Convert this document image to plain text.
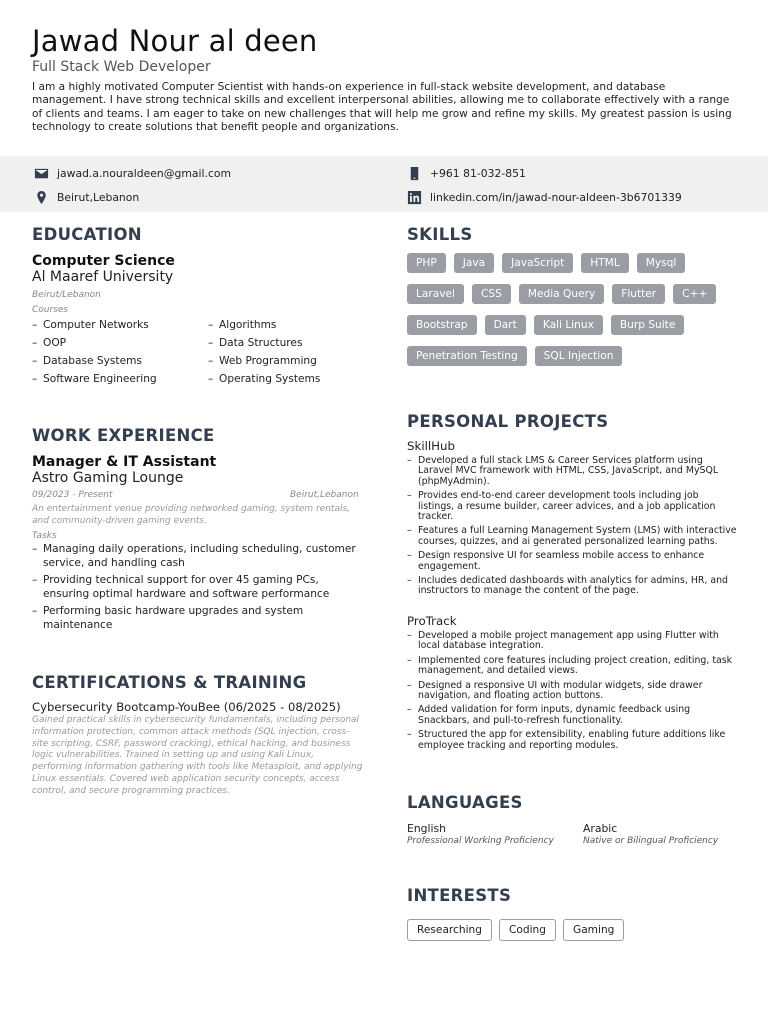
Jawad Nour al deen
Full Stack Web Developer
I am a highly motivated Computer Scientist with hands-on experience in full-stack website development, and database management. I have strong technical skills and excellent interpersonal abilities, allowing me to collaborate effectively with a range of clients and teams. I am eager to take on new challenges that will help me grow and refine my skills. My greatest passion is using technology to create solutions that benefit people and organizations.
jawad.a.nouraldeen@gmail.com	+961 81-032-851
Beirut,Lebanon	linkedin.com/in/jawad-nour-aldeen-3b6701339
EDUCATION
Computer Science
Al Maaref University
Beirut/Lebanon
Courses
– Computer Networks
– OOP
– Database Systems
– Software Engineering
– Algorithms
– Data Structures
– Web Programming
– Operating Systems
WORK EXPERIENCE
Manager & IT Assistant
Astro Gaming Lounge
09/2023 - Present	Beirut,Lebanon
An entertainment venue providing networked gaming, system rentals, and community-driven gaming events.
Tasks
– Managing daily operations, including scheduling, customer service, and handling cash
– Providing technical support for over 45 gaming PCs, ensuring optimal hardware and software performance
– Performing basic hardware upgrades and system maintenance
CERTIFICATIONS & TRAINING
Cybersecurity Bootcamp-YouBee (06/2025 - 08/2025)
Gained practical skills in cybersecurity fundamentals, including personal information protection, common attack methods (SQL injection, cross-site scripting, CSRF, password cracking), ethical hacking, and business logic vulnerabilities. Trained in setting up and using Kali Linux, performing information gathering with tools like Metasploit, and applying Linux essentials. Covered web application security concepts, access control, and secure programming practices.
SKILLS
PHP	Java	JavaScript	HTML	Mysql
Laravel	CSS	Media Query	Flutter	C++
Bootstrap	Dart	Kali Linux	Burp Suite
Penetration Testing	SQL Injection
PERSONAL PROJECTS
SkillHub
– Developed a full stack LMS & Career Services platform using Laravel MVC framework with HTML, CSS, JavaScript, and MySQL (phpMyAdmin).
– Provides end-to-end career development tools including job listings, a resume builder, career advices, and a job application tracker.
– Features a full Learning Management System (LMS) with interactive courses, quizzes, and ai generated personalized learning paths.
– Design responsive UI for seamless mobile access to enhance engagement.
– Includes dedicated dashboards with analytics for admins, HR, and instructors to manage the content of the page.
ProTrack
– Developed a mobile project management app using Flutter with local database integration.
– Implemented core features including project creation, editing, task management, and detailed views.
– Designed a responsive UI with modular widgets, side drawer navigation, and floating action buttons.
– Added validation for form inputs, dynamic feedback using Snackbars, and pull-to-refresh functionality.
– Structured the app for extensibility, enabling future additions like employee tracking and reporting modules.
LANGUAGES
English
Professional Working Proficiency
Arabic
Native or Bilingual Proficiency
INTERESTS
Researching	Coding	Gaming
